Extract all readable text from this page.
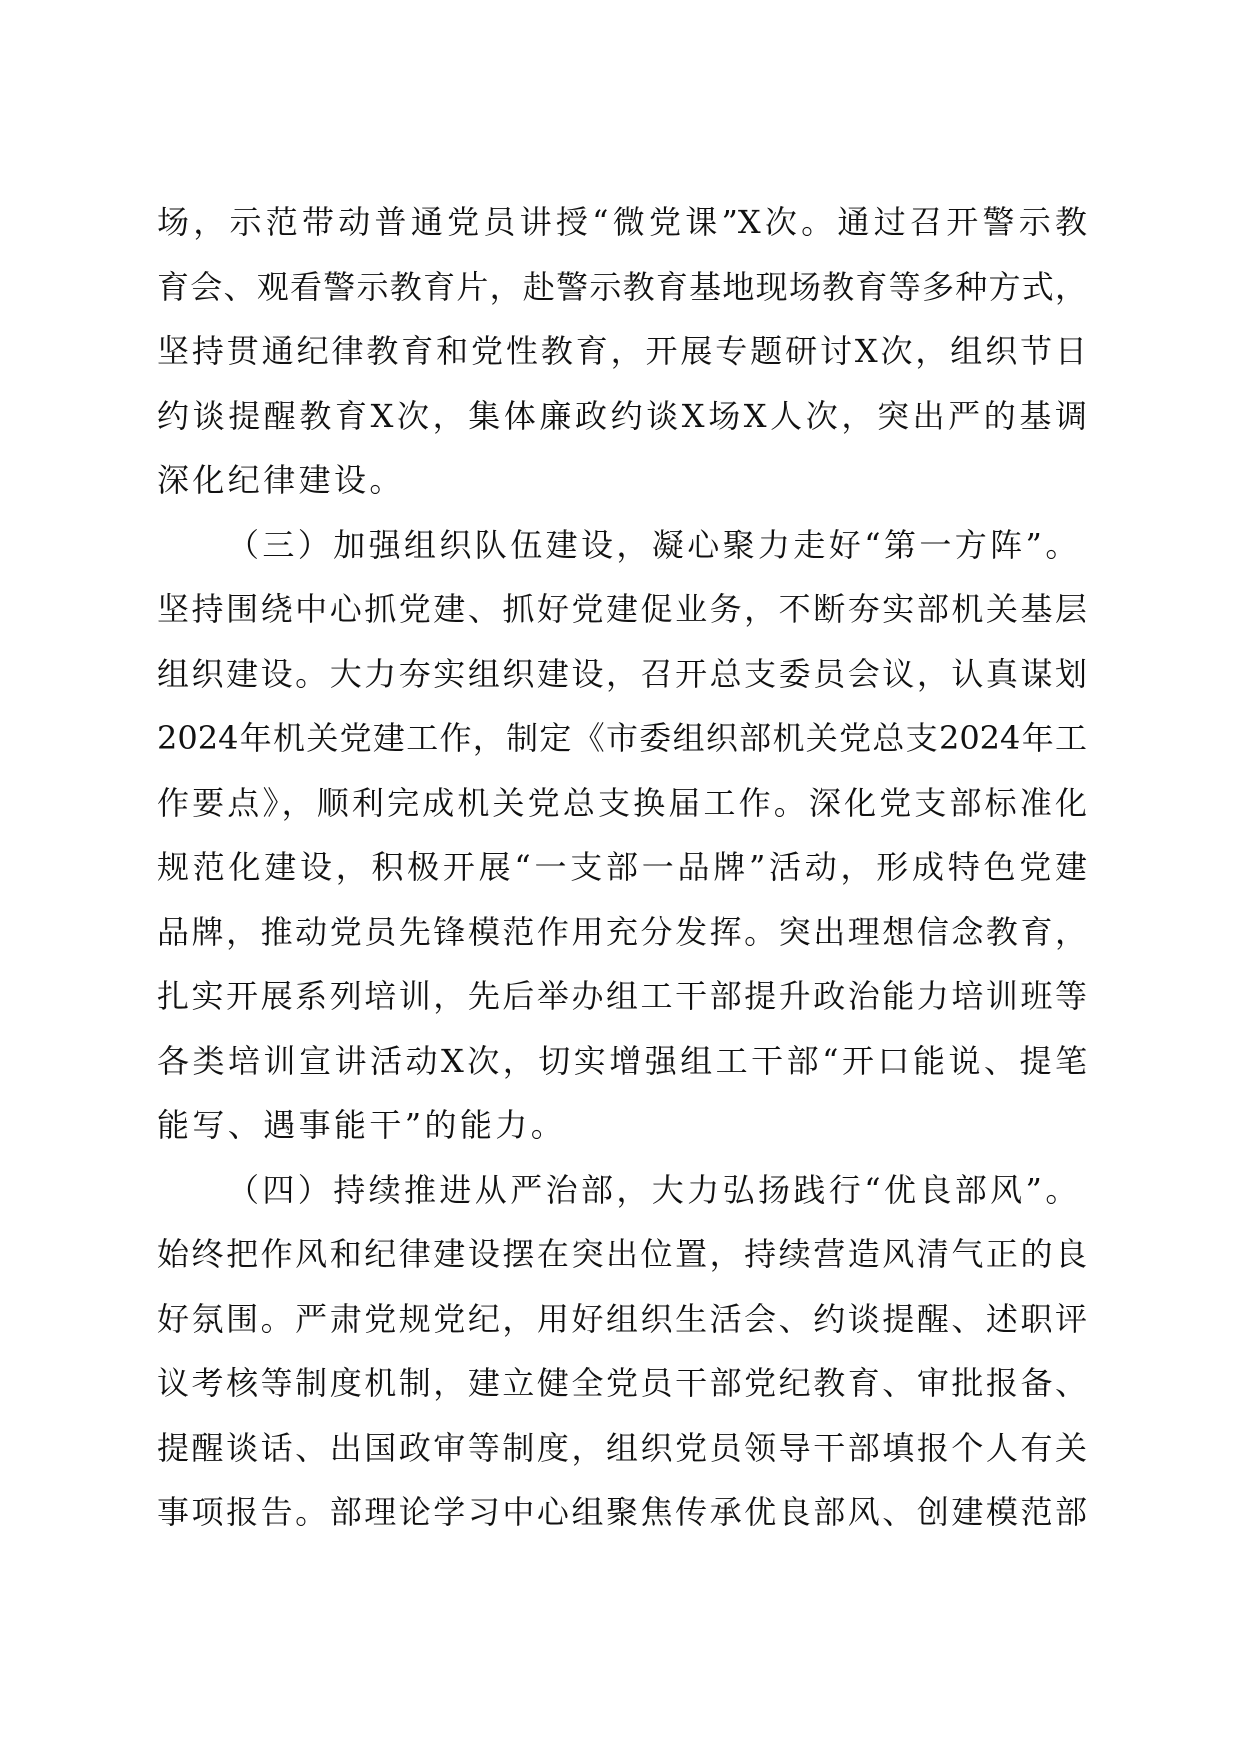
场，示范带动普通党员讲授“微党课”X次。通过召开警示教
育会、观看警示教育片，赴警示教育基地现场教育等多种方式，
坚持贯通纪律教育和党性教育，开展专题研讨X次，组织节日
约谈提醒教育X次，集体廉政约谈X场X人次，突出严的基调
深化纪律建设。
（三）加强组织队伍建设，凝心聚力走好“第一方阵”。
坚持围绕中心抓党建、抓好党建促业务，不断夯实部机关基层
组织建设。大力夯实组织建设，召开总支委员会议，认真谋划
2024年机关党建工作，制定《市委组织部机关党总支2024年工
作要点》，顺利完成机关党总支换届工作。深化党支部标准化
规范化建设，积极开展“一支部一品牌”活动，形成特色党建
品牌，推动党员先锋模范作用充分发挥。突出理想信念教育，
扎实开展系列培训，先后举办组工干部提升政治能力培训班等
各类培训宣讲活动X次，切实增强组工干部“开口能说、提笔
能写、遇事能干”的能力。
（四）持续推进从严治部，大力弘扬践行“优良部风”。
始终把作风和纪律建设摆在突出位置，持续营造风清气正的良
好氛围。严肃党规党纪，用好组织生活会、约谈提醒、述职评
议考核等制度机制，建立健全党员干部党纪教育、审批报备、
提醒谈话、出国政审等制度，组织党员领导干部填报个人有关
事项报告。部理论学习中心组聚焦传承优良部风、创建模范部
